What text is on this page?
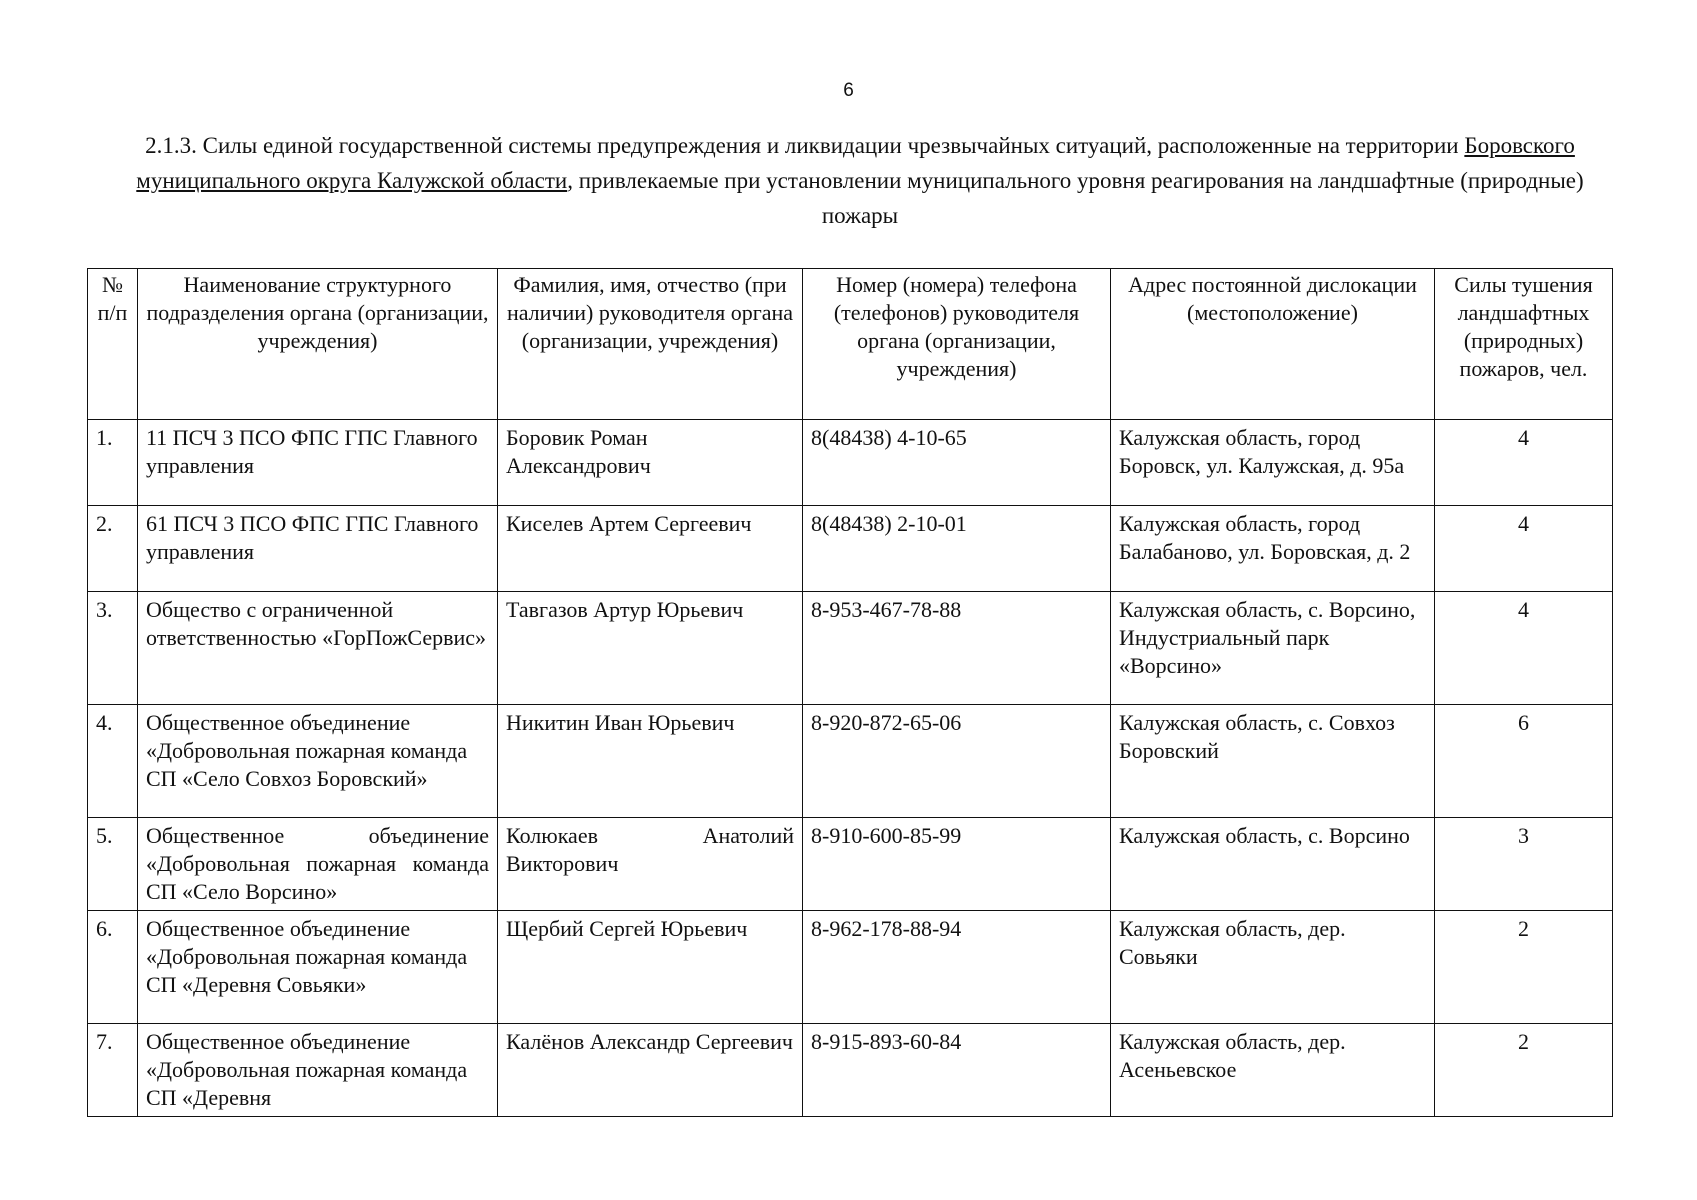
6
2.1.3. Силы единой государственной системы предупреждения и ликвидации чрезвычайных ситуаций, расположенные на территории Боровского муниципального округа Калужской области, привлекаемые при установлении муниципального уровня реагирования на ландшафтные (природные) пожары
№ п/п	Наименование структурного подразделения органа (организации, учреждения)	Фамилия, имя, отчество (при наличии) руководителя органа (организации, учреждения)	Номер (номера) телефона (телефонов) руководителя органа (организации, учреждения)	Адрес постоянной дислокации (местоположение)	Силы тушения ландшафтных (природных) пожаров, чел.
1.	11 ПСЧ 3 ПСО ФПС ГПС Главного управления	Боровик Роман Александрович	8(48438) 4-10-65	Калужская область, город Боровск, ул. Калужская, д. 95а	4
2.	61 ПСЧ 3 ПСО ФПС ГПС Главного управления	Киселев Артем Сергеевич	8(48438) 2-10-01	Калужская область, город Балабаново, ул. Боровская, д. 2	4
3.	Общество с ограниченной ответственностью «ГорПожСервис»	Тавгазов Артур Юрьевич	8-953-467-78-88	Калужская область, с. Ворсино, Индустриальный парк «Ворсино»	4
4.	Общественное объединение «Добровольная пожарная команда СП «Село Совхоз Боровский»	Никитин Иван Юрьевич	8-920-872-65-06	Калужская область, с. Совхоз Боровский	6
5.	Общественное объединение «Добровольная пожарная команда СП «Село Ворсино»	Колюкаев Анатолий Викторович	8-910-600-85-99	Калужская область, с. Ворсино	3
6.	Общественное объединение «Добровольная пожарная команда СП «Деревня Совьяки»	Щербий Сергей Юрьевич	8-962-178-88-94	Калужская область, дер. Совьяки	2
7.	Общественное объединение «Добровольная пожарная команда СП «Деревня	Калёнов Александр Сергеевич	8-915-893-60-84	Калужская область, дер. Асеньевское	2
